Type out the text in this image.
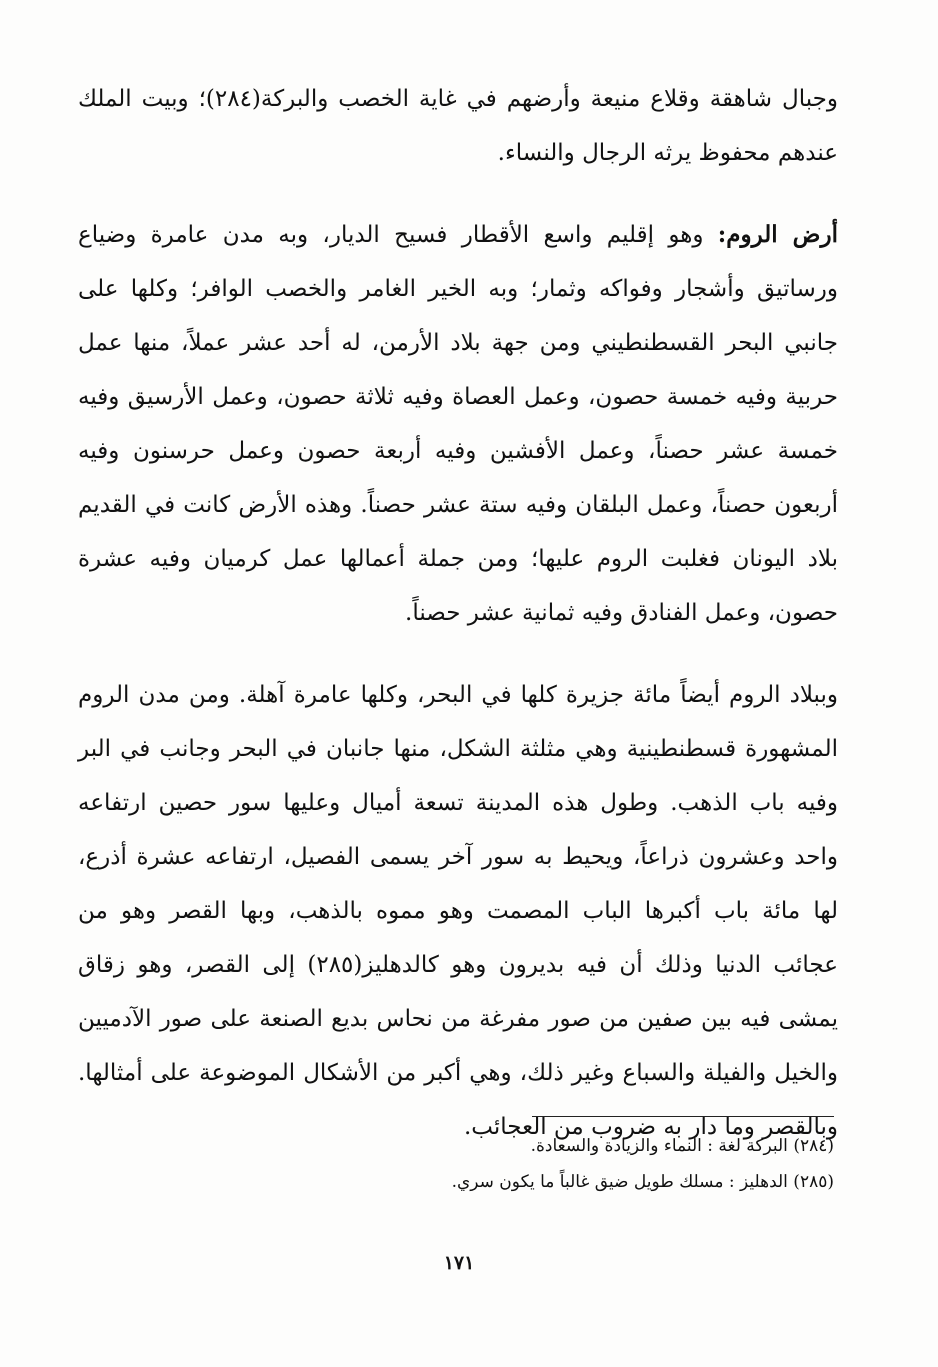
وجبال شاهقة وقلاع منيعة وأرضهم في غاية الخصب والبركة(٢٨٤)؛ وبيت الملك عندهم محفوظ يرثه الرجال والنساء.

أرض الروم: وهو إقليم واسع الأقطار فسيح الديار، وبه مدن عامرة وضياع ورساتيق وأشجار وفواكه وثمار؛ وبه الخير الغامر والخصب الوافر؛ وكلها على جانبي البحر القسطنطيني ومن جهة بلاد الأرمن، له أحد عشر عملاً، منها عمل حربية وفيه خمسة حصون، وعمل العصاة وفيه ثلاثة حصون، وعمل الأرسيق وفيه خمسة عشر حصناً، وعمل الأفشين وفيه أربعة حصون وعمل حرسنون وفيه أربعون حصناً، وعمل البلقان وفيه ستة عشر حصناً. وهذه الأرض كانت في القديم بلاد اليونان فغلبت الروم عليها؛ ومن جملة أعمالها عمل كرميان وفيه عشرة حصون، وعمل الفنادق وفيه ثمانية عشر حصناً.

وببلاد الروم أيضاً مائة جزيرة كلها في البحر، وكلها عامرة آهلة. ومن مدن الروم المشهورة قسطنطينية وهي مثلثة الشكل، منها جانبان في البحر وجانب في البر وفيه باب الذهب. وطول هذه المدينة تسعة أميال وعليها سور حصين ارتفاعه واحد وعشرون ذراعاً، ويحيط به سور آخر يسمى الفصيل، ارتفاعه عشرة أذرع، لها مائة باب أكبرها الباب المصمت وهو مموه بالذهب، وبها القصر وهو من عجائب الدنيا وذلك أن فيه بديرون وهو كالدهليز(٢٨٥) إلى القصر، وهو زقاق يمشى فيه بين صفين من صور مفرغة من نحاس بديع الصنعة على صور الآدميين والخيل والفيلة والسباع وغير ذلك، وهي أكبر من الأشكال الموضوعة على أمثالها. وبالقصر وما دار به ضروب من العجائب.

(٢٨٤) البركة لغة : النماء والزيادة والسعادة.

(٢٨٥) الدهليز : مسلك طويل ضيق غالباً ما يكون سري.

١٧١
